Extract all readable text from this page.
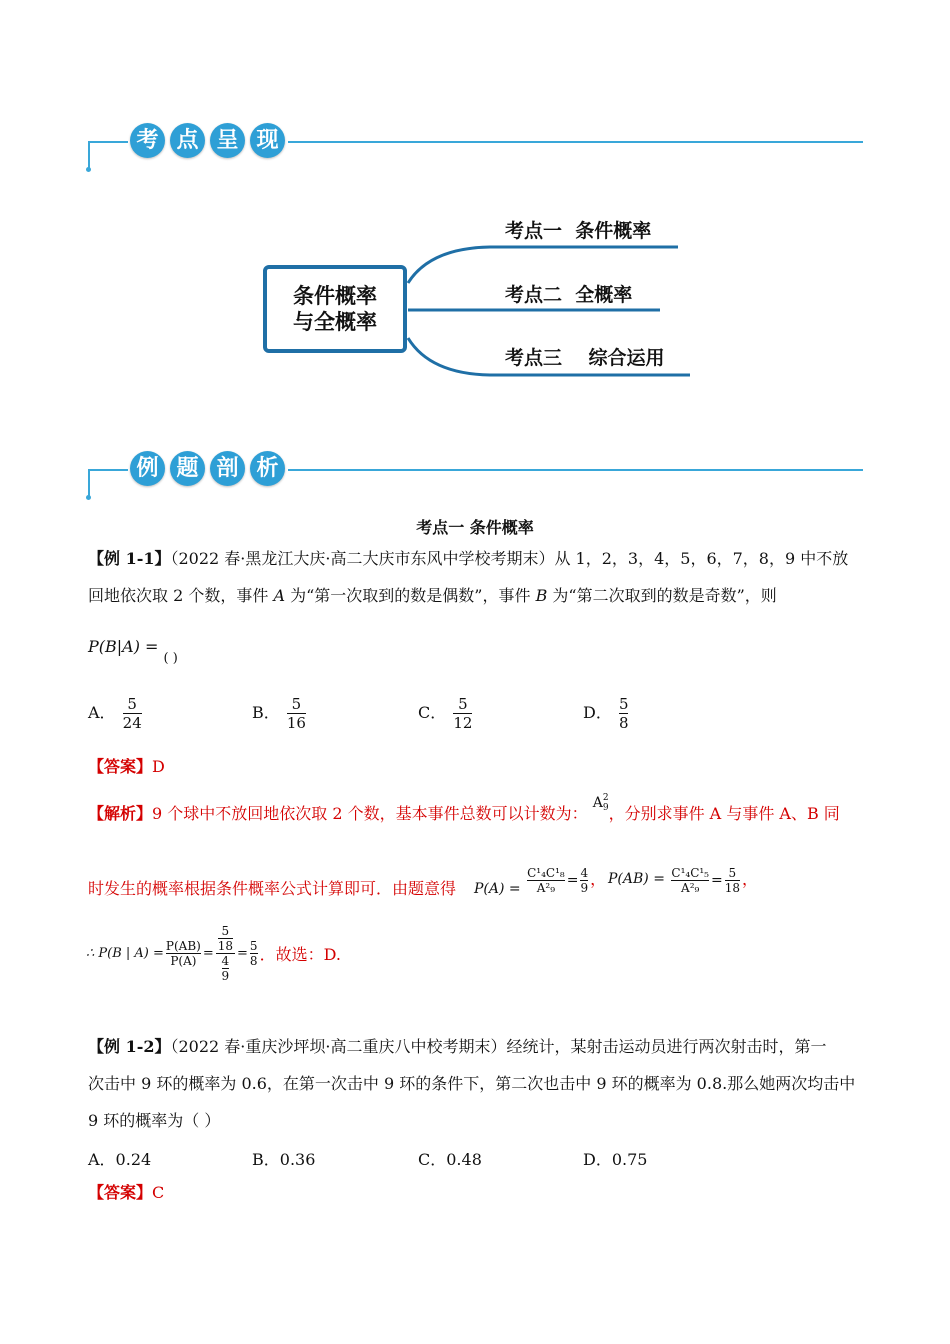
考 点 呈 现
条件概率
与全概率
考点一  条件概率
考点二  全概率
考点三    综合运用
例 题 剖 析
考点一 条件概率
【例 1-1】（2022 春·黑龙江大庆·高二大庆市东风中学校考期末）从 1，2，3，4，5，6，7，8，9 中不放
回地依次取 2 个数，事件 A 为“第一次取到的数是偶数”，事件 B 为“第二次取到的数是奇数”，则
P(B|A) = $_{( )}$
A． $\frac{5}{24}$	B． $\frac{5}{16}$	C． $\frac{5}{12}$	D． $\frac{5}{8}$
【答案】D
【解析】9 个球中不放回地依次取 2 个数，基本事件总数可以计数为： A 2
9 ，分别求事件 A 与事件 A、B 同
时发生的概率根据条件概率公式计算即可．由题意得 $P(A) = \frac{\text{C¹₄C¹₈}}{\text{A²₉}} = \frac{4}{9}$ ， $P(AB) = \frac{\text{C¹₄C¹₅}}{\text{A²₉}} = \frac{5}{18}$ ，
∴ P(B | $A) = \frac{P(AB)}{P(A)} = \frac{\frac{5}{18}}{\frac{4}{9}} = \frac{5}{8}$ ．故选：D.
【例 1-2】（2022 春·重庆沙坪坝·高二重庆八中校考期末）经统计，某射击运动员进行两次射击时，第一
次击中 9 环的概率为 0.6，在第一次击中 9 环的条件下，第二次也击中 9 环的概率为 0.8.那么她两次均击中
9 环的概率为（ ）
A．0.24	B．0.36	C．0.48	D．0.75
【答案】C
